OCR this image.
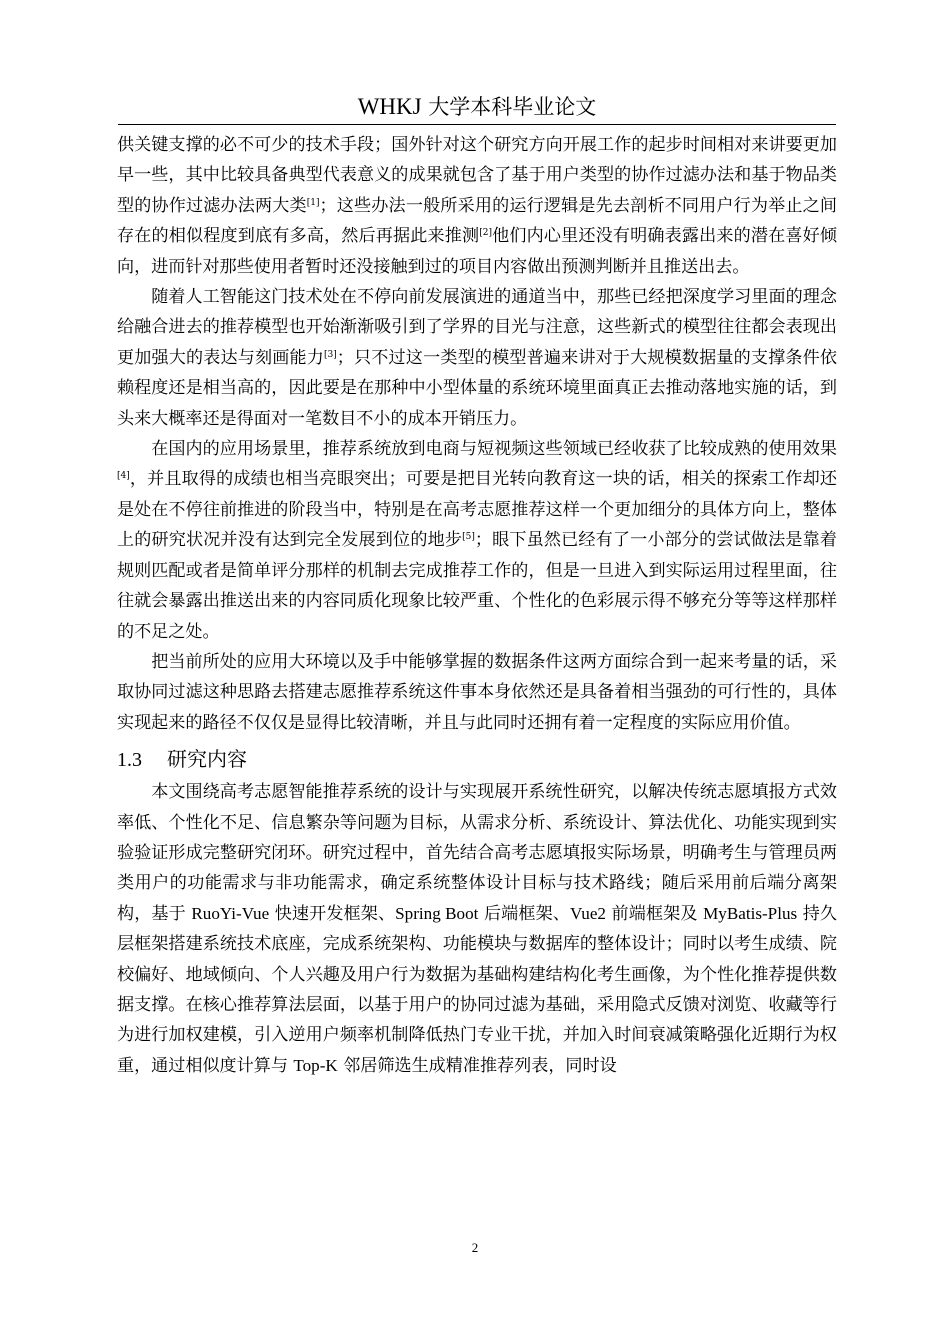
WHKJ 大学本科毕业论文

供关键支撑的必不可少的技术手段；国外针对这个研究方向开展工作的起步时间相对来讲要更加早一些，其中比较具备典型代表意义的成果就包含了基于用户类型的协作过滤办法和基于物品类型的协作过滤办法两大类[1]；这些办法一般所采用的运行逻辑是先去剖析不同用户行为举止之间存在的相似程度到底有多高，然后再据此来推测[2]他们内心里还没有明确表露出来的潜在喜好倾向，进而针对那些使用者暂时还没接触到过的项目内容做出预测判断并且推送出去。

随着人工智能这门技术处在不停向前发展演进的通道当中，那些已经把深度学习里面的理念给融合进去的推荐模型也开始渐渐吸引到了学界的目光与注意，这些新式的模型往往都会表现出更加强大的表达与刻画能力[3]；只不过这一类型的模型普遍来讲对于大规模数据量的支撑条件依赖程度还是相当高的，因此要是在那种中小型体量的系统环境里面真正去推动落地实施的话，到头来大概率还是得面对一笔数目不小的成本开销压力。

在国内的应用场景里，推荐系统放到电商与短视频这些领域已经收获了比较成熟的使用效果[4]，并且取得的成绩也相当亮眼突出；可要是把目光转向教育这一块的话，相关的探索工作却还是处在不停往前推进的阶段当中，特别是在高考志愿推荐这样一个更加细分的具体方向上，整体上的研究状况并没有达到完全发展到位的地步[5]；眼下虽然已经有了一小部分的尝试做法是靠着规则匹配或者是简单评分那样的机制去完成推荐工作的，但是一旦进入到实际运用过程里面，往往就会暴露出推送出来的内容同质化现象比较严重、个性化的色彩展示得不够充分等等这样那样的不足之处。

把当前所处的应用大环境以及手中能够掌握的数据条件这两方面综合到一起来考量的话，采取协同过滤这种思路去搭建志愿推荐系统这件事本身依然还是具备着相当强劲的可行性的，具体实现起来的路径不仅仅是显得比较清晰，并且与此同时还拥有着一定程度的实际应用价值。

1.3 研究内容

本文围绕高考志愿智能推荐系统的设计与实现展开系统性研究，以解决传统志愿填报方式效率低、个性化不足、信息繁杂等问题为目标，从需求分析、系统设计、算法优化、功能实现到实验验证形成完整研究闭环。研究过程中，首先结合高考志愿填报实际场景，明确考生与管理员两类用户的功能需求与非功能需求，确定系统整体设计目标与技术路线；随后采用前后端分离架构，基于 RuoYi-Vue 快速开发框架、Spring Boot 后端框架、Vue2 前端框架及 MyBatis-Plus 持久层框架搭建系统技术底座，完成系统架构、功能模块与数据库的整体设计；同时以考生成绩、院校偏好、地域倾向、个人兴趣及用户行为数据为基础构建结构化考生画像，为个性化推荐提供数据支撑。在核心推荐算法层面，以基于用户的协同过滤为基础，采用隐式反馈对浏览、收藏等行为进行加权建模，引入逆用户频率机制降低热门专业干扰，并加入时间衰减策略强化近期行为权重，通过相似度计算与 Top-K 邻居筛选生成精准推荐列表，同时设

2
